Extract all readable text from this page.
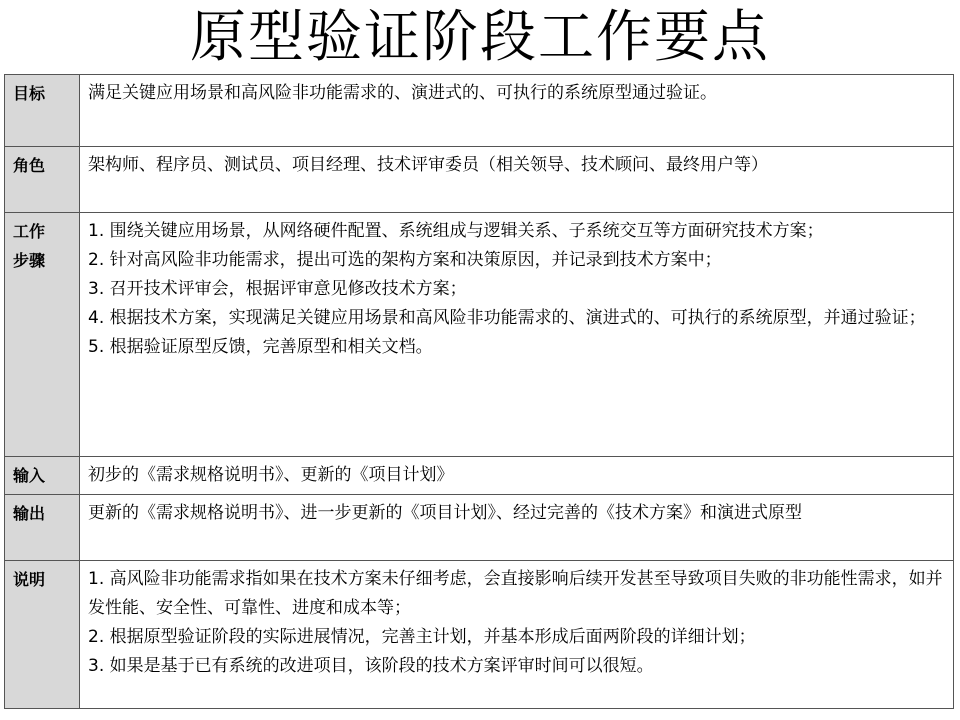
原型验证阶段工作要点
目标	满足关键应用场景和高风险非功能需求的、演进式的、可执行的系统原型通过验证。

角色	架构师、程序员、测试员、项目经理、技术评审委员（相关领导、技术顾问、最终用户等）

工作步骤	1. 围绕关键应用场景，从网络硬件配置、系统组成与逻辑关系、子系统交互等方面研究技术方案；
2. 针对高风险非功能需求，提出可选的架构方案和决策原因，并记录到技术方案中；
3. 召开技术评审会，根据评审意见修改技术方案；
4. 根据技术方案，实现满足关键应用场景和高风险非功能需求的、演进式的、可执行的系统原型，并通过验证；
5. 根据验证原型反馈，完善原型和相关文档。

输入	初步的《需求规格说明书》、更新的《项目计划》

输出	更新的《需求规格说明书》、进一步更新的《项目计划》、经过完善的《技术方案》和演进式原型

说明	1. 高风险非功能需求指如果在技术方案未仔细考虑，会直接影响后续开发甚至导致项目失败的非功能性需求，如并发性能、安全性、可靠性、进度和成本等；
2. 根据原型验证阶段的实际进展情况，完善主计划，并基本形成后面两阶段的详细计划；
3. 如果是基于已有系统的改进项目，该阶段的技术方案评审时间可以很短。
